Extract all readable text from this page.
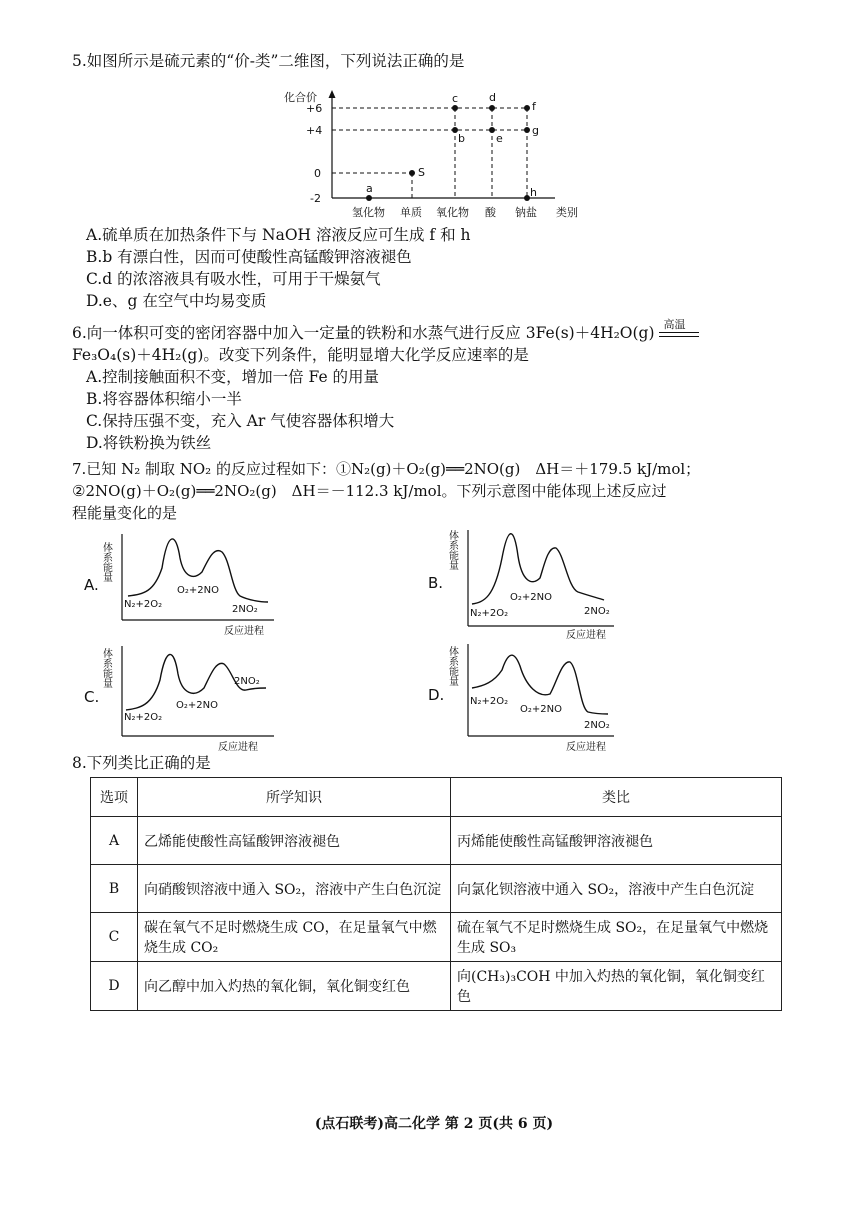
5.如图所示是硫元素的“价-类”二维图，下列说法正确的是
化合价
+6
+4
0
-2
a
S
b
c	d
e
f
g
h
氢化物 单质 氧化物 酸 钠盐 类别
A.硫单质在加热条件下与 NaOH 溶液反应可生成 f 和 h
B.b 有漂白性，因而可使酸性高锰酸钾溶液褪色
C.d 的浓溶液具有吸水性，可用于干燥氨气
D.e、g 在空气中均易变质
6.向一体积可变的密闭容器中加入一定量的铁粉和水蒸气进行反应 3Fe(s)＋4H₂O(g) 高温
Fe₃O₄(s)＋4H₂(g)。改变下列条件，能明显增大化学反应速率的是
A.控制接触面积不变，增加一倍 Fe 的用量
B.将容器体积缩小一半
C.保持压强不变，充入 Ar 气使容器体积增大
D.将铁粉换为铁丝
7.已知 N₂ 制取 NO₂ 的反应过程如下：①N₂(g)＋O₂(g)══2NO(g)　ΔH＝＋179.5 kJ/mol；
②2NO(g)＋O₂(g)══2NO₂(g)　ΔH＝－112.3 kJ/mol。下列示意图中能体现上述反应过
程能量变化的是
A.
体系能量
N₂+2O₂
O₂+2NO
2NO₂
反应进程
B.
体系能量
N₂+2O₂
O₂+2NO
2NO₂
反应进程
C.
体系能量
N₂+2O₂
O₂+2NO
2NO₂
反应进程
D.
体系能量
N₂+2O₂
O₂+2NO
2NO₂
反应进程
8.下列类比正确的是
选项	所学知识	类比
A	乙烯能使酸性高锰酸钾溶液褪色	丙烯能使酸性高锰酸钾溶液褪色
B	向硝酸钡溶液中通入 SO₂，溶液中产生白色沉淀	向氯化钡溶液中通入 SO₂，溶液中产生白色沉淀
C	碳在氧气不足时燃烧生成 CO，在足量氧气中燃烧生成 CO₂	硫在氧气不足时燃烧生成 SO₂，在足量氧气中燃烧生成 SO₃
D	向乙醇中加入灼热的氧化铜，氧化铜变红色	向(CH₃)₃COH 中加入灼热的氧化铜，氧化铜变红色
(点石联考)高二化学 第 2 页(共 6 页)
